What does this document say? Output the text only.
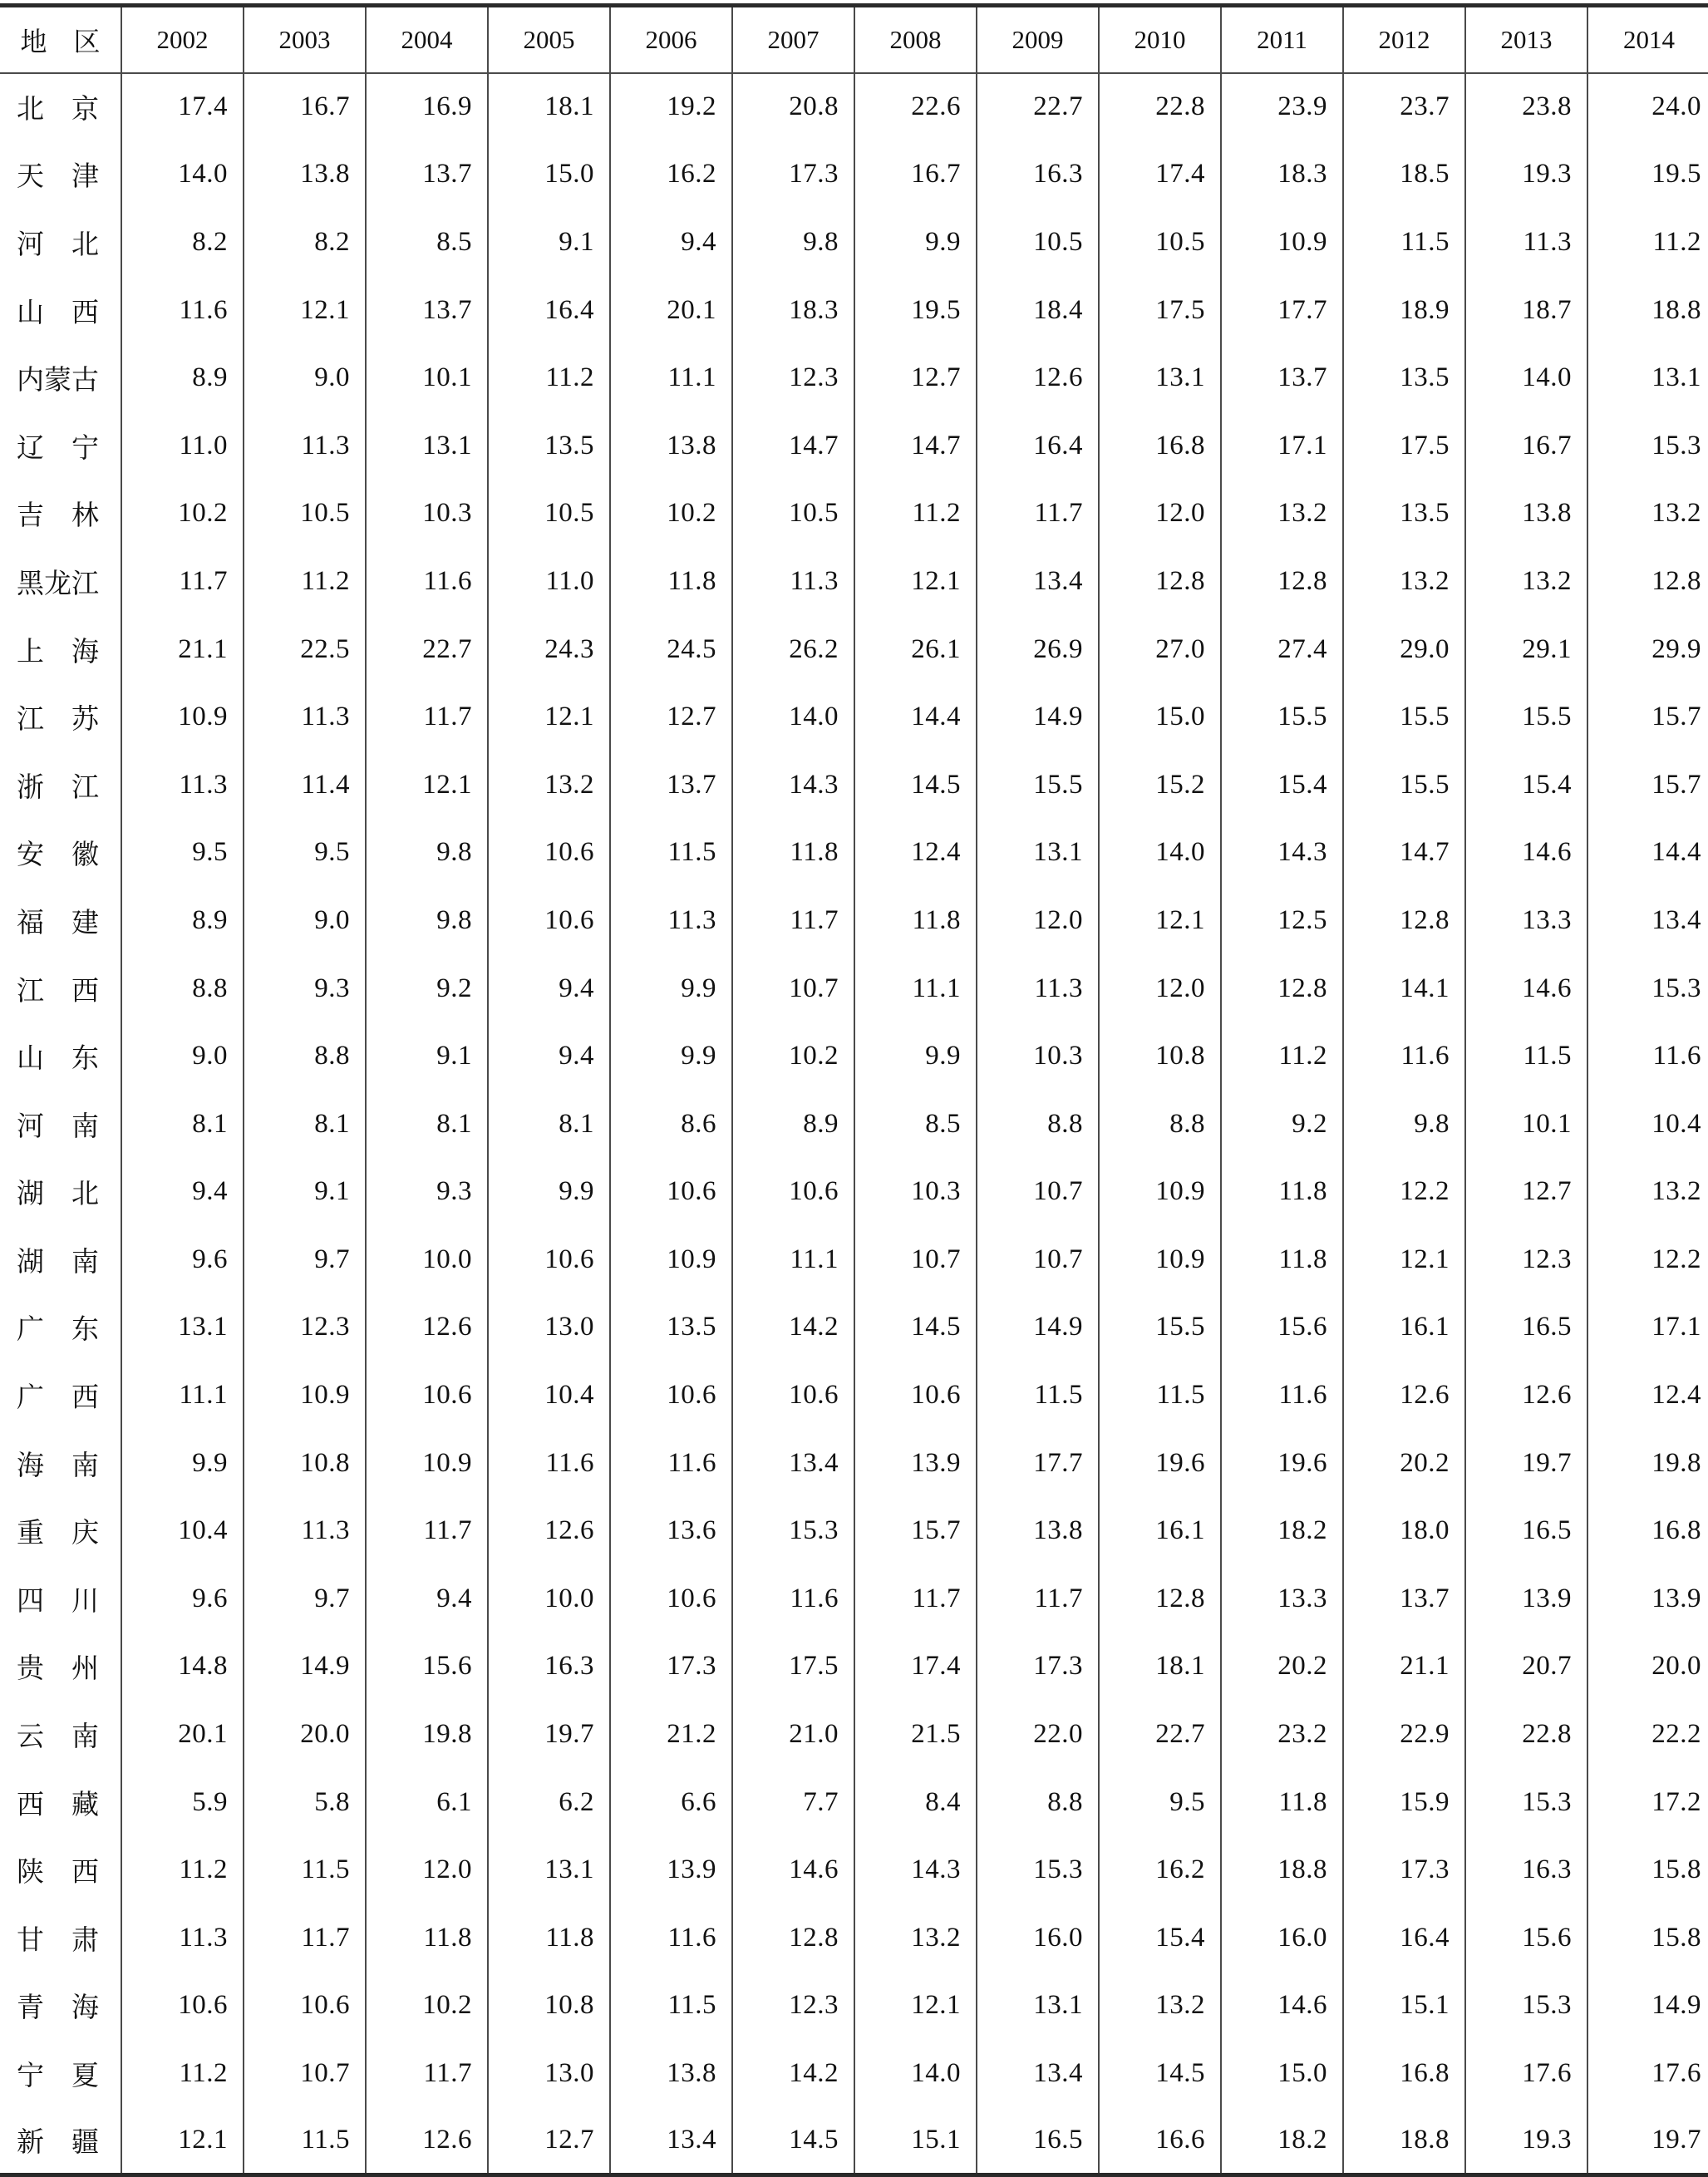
地　区	2002	2003	2004	2005	2006	2007	2008	2009	2010	2011	2012	2013	2014
北　京	17.4	16.7	16.9	18.1	19.2	20.8	22.6	22.7	22.8	23.9	23.7	23.8	24.0
天　津	14.0	13.8	13.7	15.0	16.2	17.3	16.7	16.3	17.4	18.3	18.5	19.3	19.5
河　北	8.2	8.2	8.5	9.1	9.4	9.8	9.9	10.5	10.5	10.9	11.5	11.3	11.2
山　西	11.6	12.1	13.7	16.4	20.1	18.3	19.5	18.4	17.5	17.7	18.9	18.7	18.8
内蒙古	8.9	9.0	10.1	11.2	11.1	12.3	12.7	12.6	13.1	13.7	13.5	14.0	13.1
辽　宁	11.0	11.3	13.1	13.5	13.8	14.7	14.7	16.4	16.8	17.1	17.5	16.7	15.3
吉　林	10.2	10.5	10.3	10.5	10.2	10.5	11.2	11.7	12.0	13.2	13.5	13.8	13.2
黑龙江	11.7	11.2	11.6	11.0	11.8	11.3	12.1	13.4	12.8	12.8	13.2	13.2	12.8
上　海	21.1	22.5	22.7	24.3	24.5	26.2	26.1	26.9	27.0	27.4	29.0	29.1	29.9
江　苏	10.9	11.3	11.7	12.1	12.7	14.0	14.4	14.9	15.0	15.5	15.5	15.5	15.7
浙　江	11.3	11.4	12.1	13.2	13.7	14.3	14.5	15.5	15.2	15.4	15.5	15.4	15.7
安　徽	9.5	9.5	9.8	10.6	11.5	11.8	12.4	13.1	14.0	14.3	14.7	14.6	14.4
福　建	8.9	9.0	9.8	10.6	11.3	11.7	11.8	12.0	12.1	12.5	12.8	13.3	13.4
江　西	8.8	9.3	9.2	9.4	9.9	10.7	11.1	11.3	12.0	12.8	14.1	14.6	15.3
山　东	9.0	8.8	9.1	9.4	9.9	10.2	9.9	10.3	10.8	11.2	11.6	11.5	11.6
河　南	8.1	8.1	8.1	8.1	8.6	8.9	8.5	8.8	8.8	9.2	9.8	10.1	10.4
湖　北	9.4	9.1	9.3	9.9	10.6	10.6	10.3	10.7	10.9	11.8	12.2	12.7	13.2
湖　南	9.6	9.7	10.0	10.6	10.9	11.1	10.7	10.7	10.9	11.8	12.1	12.3	12.2
广　东	13.1	12.3	12.6	13.0	13.5	14.2	14.5	14.9	15.5	15.6	16.1	16.5	17.1
广　西	11.1	10.9	10.6	10.4	10.6	10.6	10.6	11.5	11.5	11.6	12.6	12.6	12.4
海　南	9.9	10.8	10.9	11.6	11.6	13.4	13.9	17.7	19.6	19.6	20.2	19.7	19.8
重　庆	10.4	11.3	11.7	12.6	13.6	15.3	15.7	13.8	16.1	18.2	18.0	16.5	16.8
四　川	9.6	9.7	9.4	10.0	10.6	11.6	11.7	11.7	12.8	13.3	13.7	13.9	13.9
贵　州	14.8	14.9	15.6	16.3	17.3	17.5	17.4	17.3	18.1	20.2	21.1	20.7	20.0
云　南	20.1	20.0	19.8	19.7	21.2	21.0	21.5	22.0	22.7	23.2	22.9	22.8	22.2
西　藏	5.9	5.8	6.1	6.2	6.6	7.7	8.4	8.8	9.5	11.8	15.9	15.3	17.2
陕　西	11.2	11.5	12.0	13.1	13.9	14.6	14.3	15.3	16.2	18.8	17.3	16.3	15.8
甘　肃	11.3	11.7	11.8	11.8	11.6	12.8	13.2	16.0	15.4	16.0	16.4	15.6	15.8
青　海	10.6	10.6	10.2	10.8	11.5	12.3	12.1	13.1	13.2	14.6	15.1	15.3	14.9
宁　夏	11.2	10.7	11.7	13.0	13.8	14.2	14.0	13.4	14.5	15.0	16.8	17.6	17.6
新　疆	12.1	11.5	12.6	12.7	13.4	14.5	15.1	16.5	16.6	18.2	18.8	19.3	19.7
